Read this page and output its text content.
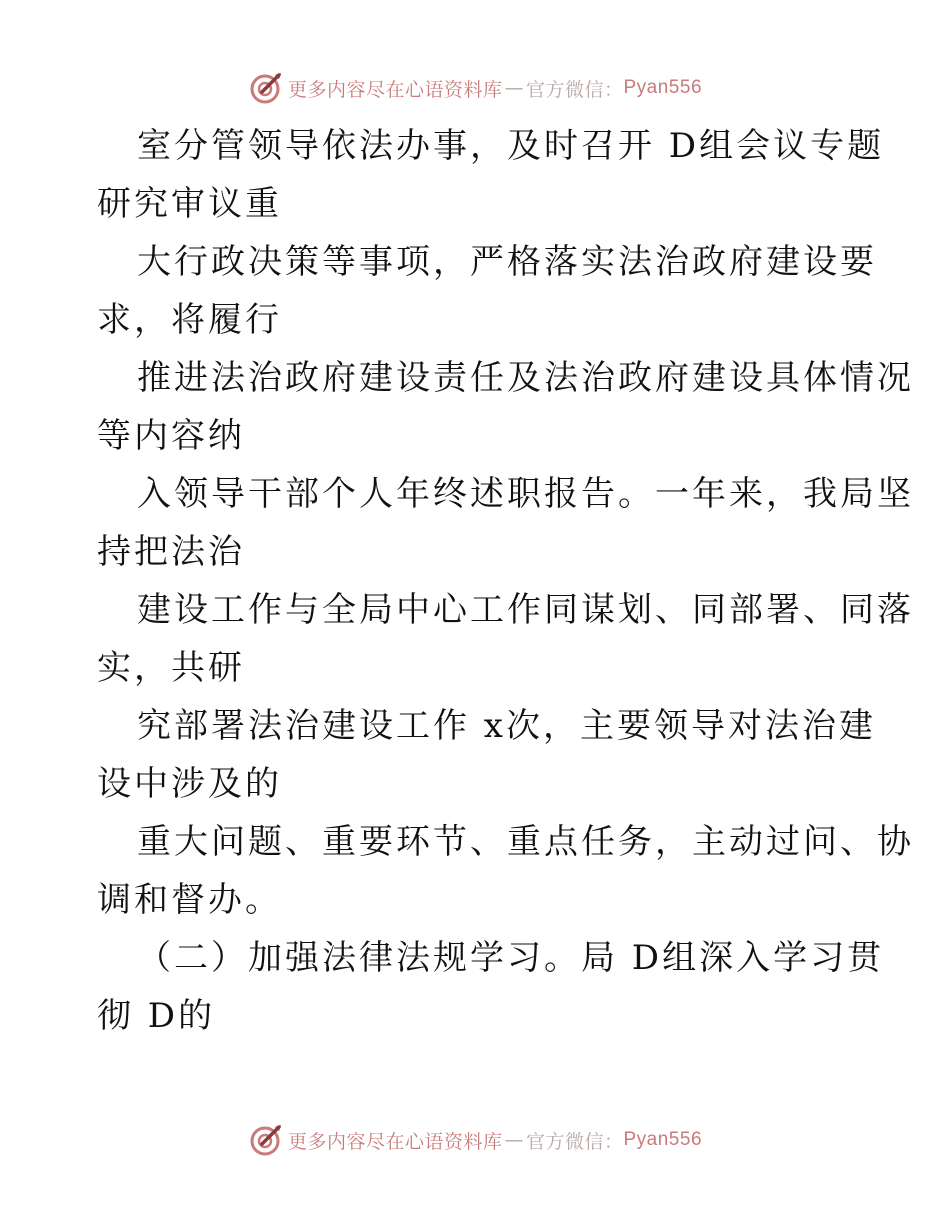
更多内容尽在心语资料库 — 官方微信： Pyan556

室分管领导依法办事，及时召开 D组会议专题
研究审议重

大行政决策等事项，严格落实法治政府建设要
求，将履行

推进法治政府建设责任及法治政府建设具体情况
等内容纳

入领导干部个人年终述职报告。一年来，我局坚
持把法治

建设工作与全局中心工作同谋划、同部署、同落
实，共研

究部署法治建设工作 x次，主要领导对法治建
设中涉及的

重大问题、重要环节、重点任务，主动过问、协
调和督办。

（二）加强法律法规学习。局 D组深入学习贯
彻 D的

更多内容尽在心语资料库 — 官方微信： Pyan556
